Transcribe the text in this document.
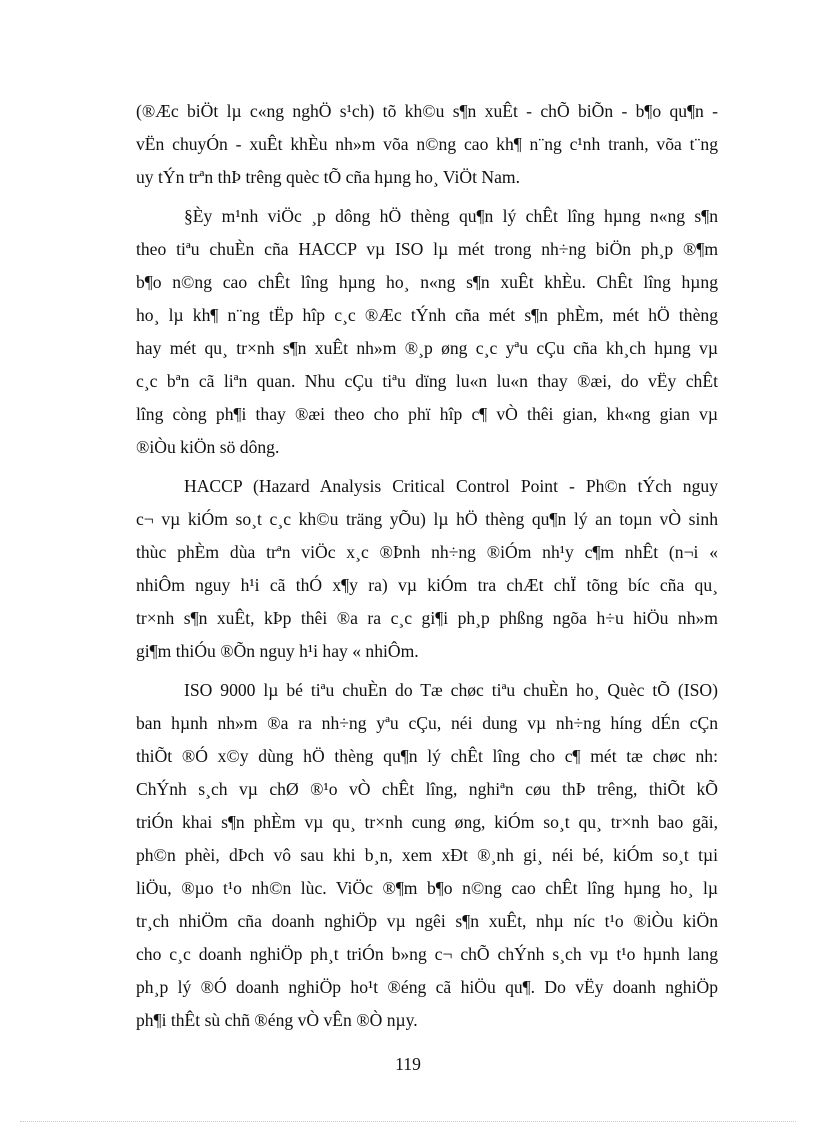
(®Æc biÖt lµ c«ng nghÖ s¹ch) tõ kh©u s¶n xuÊt - chÕ biÕn - b¶o qu¶n -
vËn chuyÓn - xuÊt khÈu nh»m võa n©ng cao kh¶ n¨ng c¹nh tranh, võa t¨ng
uy tÝn trªn thÞ trêng quèc tÕ cña hµng ho¸ ViÖt Nam.
§Èy m¹nh viÖc ¸p dông hÖ thèng qu¶n lý chÊt lîng hµng n«ng s¶n
theo tiªu chuÈn cña HACCP vµ ISO lµ mét trong nh÷ng biÖn ph¸p ®¶m
b¶o n©ng cao chÊt lîng hµng ho¸ n«ng s¶n xuÊt khÈu. ChÊt lîng hµng
ho¸ lµ kh¶ n¨ng tËp hîp c¸c ®Æc tÝnh cña mét s¶n phÈm, mét hÖ thèng
hay mét qu¸ tr×nh s¶n xuÊt nh»m ®¸p øng c¸c yªu cÇu cña kh¸ch hµng vµ
c¸c bªn cã liªn quan. Nhu cÇu tiªu dïng lu«n lu«n thay ®æi, do vËy chÊt
lîng còng ph¶i thay ®æi theo cho phï hîp c¶ vÒ thêi gian, kh«ng gian vµ
®iÒu kiÖn sö dông.
HACCP (Hazard Analysis Critical Control Point - Ph©n tÝch nguy
c¬ vµ kiÓm so¸t c¸c kh©u träng yÕu) lµ hÖ thèng qu¶n lý an toµn vÒ sinh
thùc phÈm dùa trªn viÖc x¸c ®Þnh nh÷ng ®iÓm nh¹y c¶m nhÊt (n¬i «
nhiÔm nguy h¹i cã thÓ x¶y ra) vµ kiÓm tra chÆt chÏ tõng bíc cña qu¸
tr×nh s¶n xuÊt, kÞp thêi ®a ra c¸c gi¶i ph¸p phßng ngõa h÷u hiÖu nh»m
gi¶m thiÓu ®Õn nguy h¹i hay « nhiÔm.
ISO 9000 lµ bé tiªu chuÈn do Tæ chøc tiªu chuÈn ho¸ Quèc tÕ (ISO)
ban hµnh nh»m ®a ra nh÷ng yªu cÇu, néi dung vµ nh÷ng híng dÉn cÇn
thiÕt ®Ó x©y dùng hÖ thèng qu¶n lý chÊt lîng cho c¶ mét tæ chøc nh:
ChÝnh s¸ch vµ chØ ®¹o vÒ chÊt lîng, nghiªn cøu thÞ trêng, thiÕt kÕ
triÓn khai s¶n phÈm vµ qu¸ tr×nh cung øng, kiÓm so¸t qu¸ tr×nh bao gãi,
ph©n phèi, dÞch vô sau khi b¸n, xem xÐt ®¸nh gi¸ néi bé, kiÓm so¸t tµi
liÖu, ®µo t¹o nh©n lùc. ViÖc ®¶m b¶o n©ng cao chÊt lîng hµng ho¸ lµ
tr¸ch nhiÖm cña doanh nghiÖp vµ ngêi s¶n xuÊt, nhµ níc t¹o ®iÒu kiÖn
cho c¸c doanh nghiÖp ph¸t triÓn b»ng c¬ chÕ chÝnh s¸ch vµ t¹o hµnh lang
ph¸p lý ®Ó doanh nghiÖp ho¹t ®éng cã hiÖu qu¶. Do vËy doanh nghiÖp
ph¶i thÊt sù chñ ®éng vÒ vÊn ®Ò nµy.
119
